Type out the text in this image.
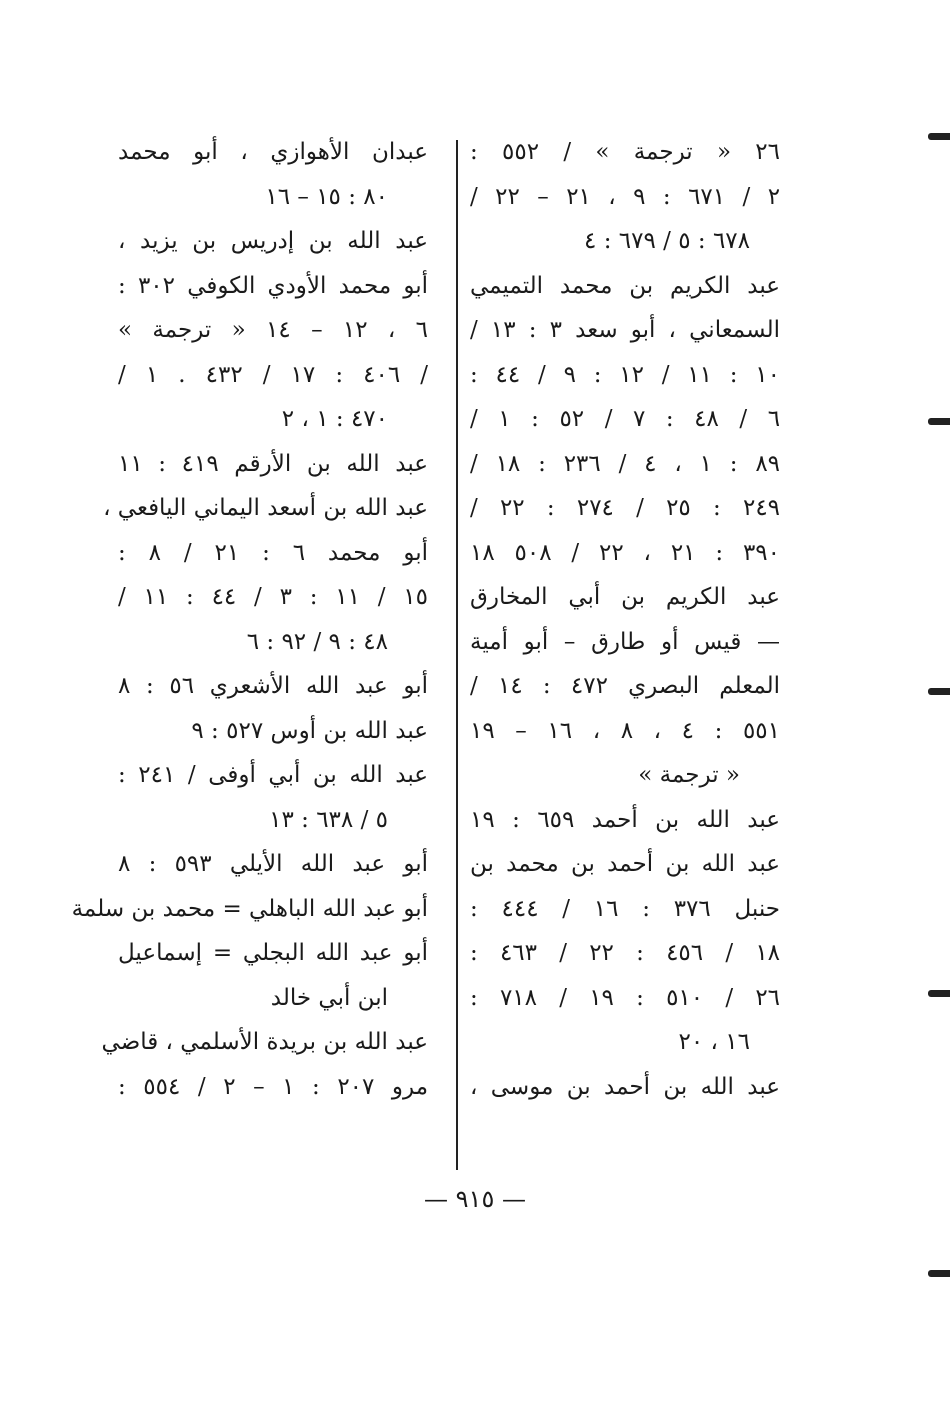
٢٦ « ترجمة » / ٥٥٢ :
٢ / ٦٧١ : ٩ ، ٢١ – ٢٢ /
٦٧٨ : ٥ / ٦٧٩ : ٤
عبد الكريم بن محمد التميمي
السمعاني ، أبو سعد ٣ : ١٣ /
١٠ : ١١ / ١٢ : ٩ / ٤٤ :
٦ / ٤٨ : ٧ / ٥٢ : ١ /
٨٩ : ١ ، ٤ / ٢٣٦ : ١٨ /
٢٤٩ : ٢٥ / ٢٧٤ : ٢٢ /
٣٩٠ : ٢١ ، ٢٢ / ٥٠٨ ١٨
عبد الكريم بن أبي المخارق
— قيس أو طارق – أبو أمية
المعلم البصري ٤٧٢ : ١٤ /
٥٥١ : ٤ ، ٨ ، ١٦ – ١٩
« ترجمة »
عبد الله بن أحمد ٦٥٩ : ١٩
عبد الله بن أحمد بن محمد بن
حنبل ٣٧٦ : ١٦ / ٤٤٤ :
١٨ / ٤٥٦ : ٢٢ / ٤٦٣ :
٢٦ / ٥١٠ : ١٩ / ٧١٨ :
١٦ ، ٢٠
عبد الله بن أحمد بن موسى ،
عبدان الأهوازي ، أبو محمد
٨٠ : ١٥ – ١٦
عبد الله بن إدريس بن يزيد ،
أبو محمد الأودي الكوفي ٣٠٢ :
٦ ، ١٢ – ١٤ « ترجمة »
/ ٤٠٦ : ١٧ / ٤٣٢ . ١ /
٤٧٠ : ١ ، ٢
عبد الله بن الأرقم ٤١٩ : ١١
عبد الله بن أسعد اليماني اليافعي ،
أبو محمد ٦ : ٢١ / ٨ :
١٥ / ١١ : ٣ / ٤٤ : ١١ /
٤٨ : ٩ / ٩٢ : ٦
أبو عبد الله الأشعري ٥٦ : ٨
عبد الله بن أوس ٥٢٧ : ٩
عبد الله بن أبي أوفى / ٢٤١ :
٥ / ٦٣٨ : ١٣
أبو عبد الله الأيلي ٥٩٣ : ٨
أبو عبد الله الباهلي = محمد بن سلمة
أبو عبد الله البجلي = إسماعيل
ابن أبي خالد
عبد الله بن بريدة الأسلمي ، قاضي
مرو ٢٠٧ : ١ – ٢ / ٥٥٤ :
— ٩١٥ —
